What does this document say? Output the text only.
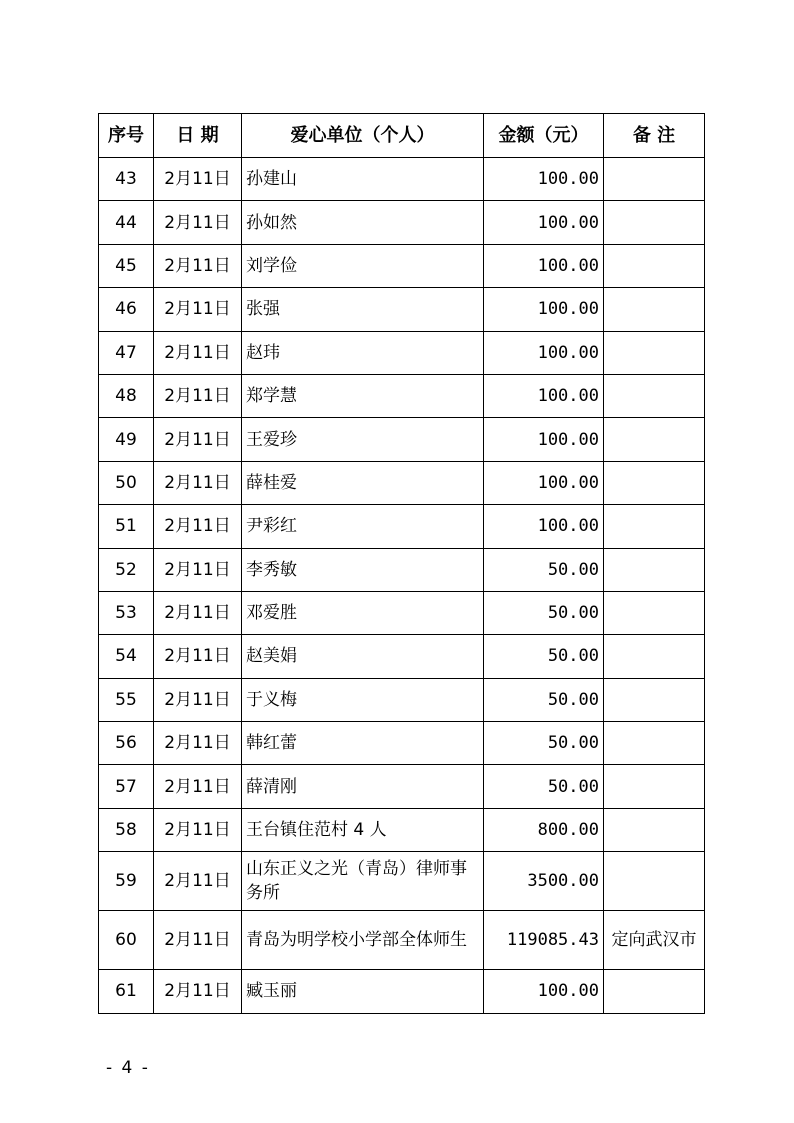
序号	日 期	爱心单位（个人）	金额（元）	备 注
43	2月11日	孙建山	100.00	
44	2月11日	孙如然	100.00	
45	2月11日	刘学俭	100.00	
46	2月11日	张强	100.00	
47	2月11日	赵玮	100.00	
48	2月11日	郑学慧	100.00	
49	2月11日	王爱珍	100.00	
50	2月11日	薛桂爱	100.00	
51	2月11日	尹彩红	100.00	
52	2月11日	李秀敏	50.00	
53	2月11日	邓爱胜	50.00	
54	2月11日	赵美娟	50.00	
55	2月11日	于义梅	50.00	
56	2月11日	韩红蕾	50.00	
57	2月11日	薛清刚	50.00	
58	2月11日	王台镇住范村 4 人	800.00	
59	2月11日	山东正义之光（青岛）律师事务所	3500.00	
60	2月11日	青岛为明学校小学部全体师生	119085.43	定向武汉市
61	2月11日	臧玉丽	100.00	
- 4 -
